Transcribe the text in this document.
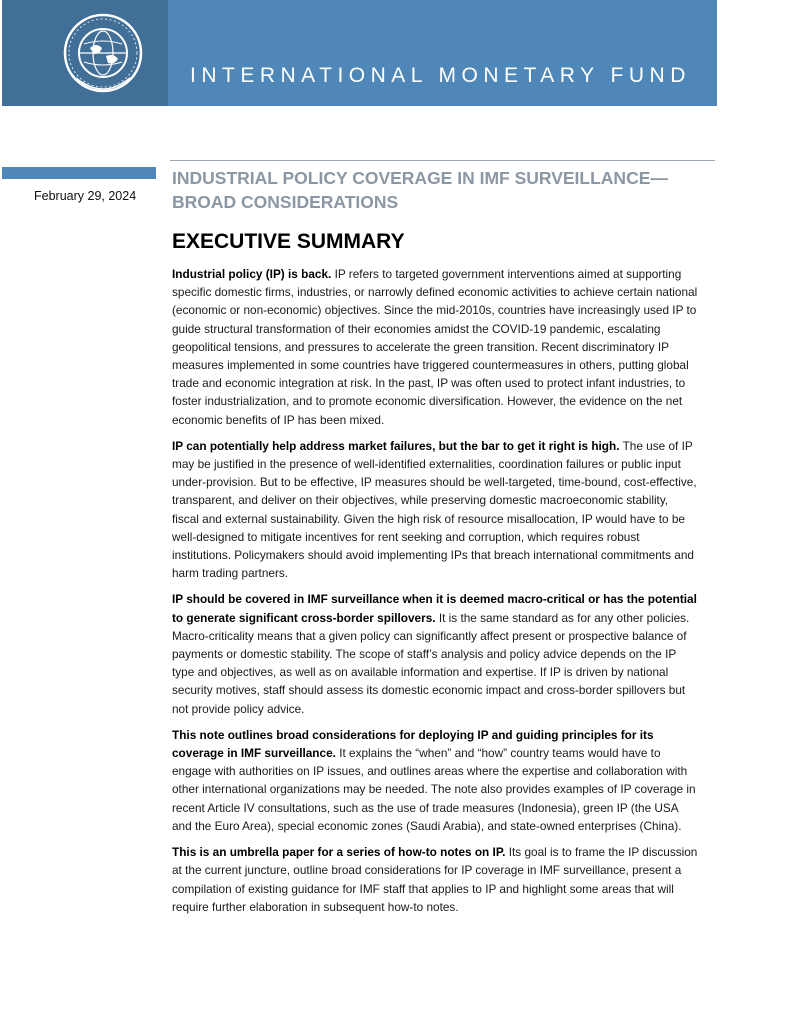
INTERNATIONAL MONETARY FUND
February 29, 2024
INDUSTRIAL POLICY COVERAGE IN IMF SURVEILLANCE— BROAD CONSIDERATIONS
EXECUTIVE SUMMARY

Industrial policy (IP) is back. IP refers to targeted government interventions aimed at supporting specific domestic firms, industries, or narrowly defined economic activities to achieve certain national (economic or non-economic) objectives. Since the mid-2010s, countries have increasingly used IP to guide structural transformation of their economies amidst the COVID-19 pandemic, escalating geopolitical tensions, and pressures to accelerate the green transition. Recent discriminatory IP measures implemented in some countries have triggered countermeasures in others, putting global trade and economic integration at risk. In the past, IP was often used to protect infant industries, to foster industrialization, and to promote economic diversification. However, the evidence on the net economic benefits of IP has been mixed.

IP can potentially help address market failures, but the bar to get it right is high. The use of IP may be justified in the presence of well-identified externalities, coordination failures or public input under-provision. But to be effective, IP measures should be well-targeted, time-bound, cost-effective, transparent, and deliver on their objectives, while preserving domestic macroeconomic stability, fiscal and external sustainability. Given the high risk of resource misallocation, IP would have to be well-designed to mitigate incentives for rent seeking and corruption, which requires robust institutions. Policymakers should avoid implementing IPs that breach international commitments and harm trading partners.

IP should be covered in IMF surveillance when it is deemed macro-critical or has the potential to generate significant cross-border spillovers. It is the same standard as for any other policies. Macro-criticality means that a given policy can significantly affect present or prospective balance of payments or domestic stability. The scope of staff’s analysis and policy advice depends on the IP type and objectives, as well as on available information and expertise. If IP is driven by national security motives, staff should assess its domestic economic impact and cross-border spillovers but not provide policy advice.

This note outlines broad considerations for deploying IP and guiding principles for its coverage in IMF surveillance. It explains the “when” and “how” country teams would have to engage with authorities on IP issues, and outlines areas where the expertise and collaboration with other international organizations may be needed. The note also provides examples of IP coverage in recent Article IV consultations, such as the use of trade measures (Indonesia), green IP (the USA and the Euro Area), special economic zones (Saudi Arabia), and state-owned enterprises (China).

This is an umbrella paper for a series of how-to notes on IP. Its goal is to frame the IP discussion at the current juncture, outline broad considerations for IP coverage in IMF surveillance, present a compilation of existing guidance for IMF staff that applies to IP and highlight some areas that will require further elaboration in subsequent how-to notes.
